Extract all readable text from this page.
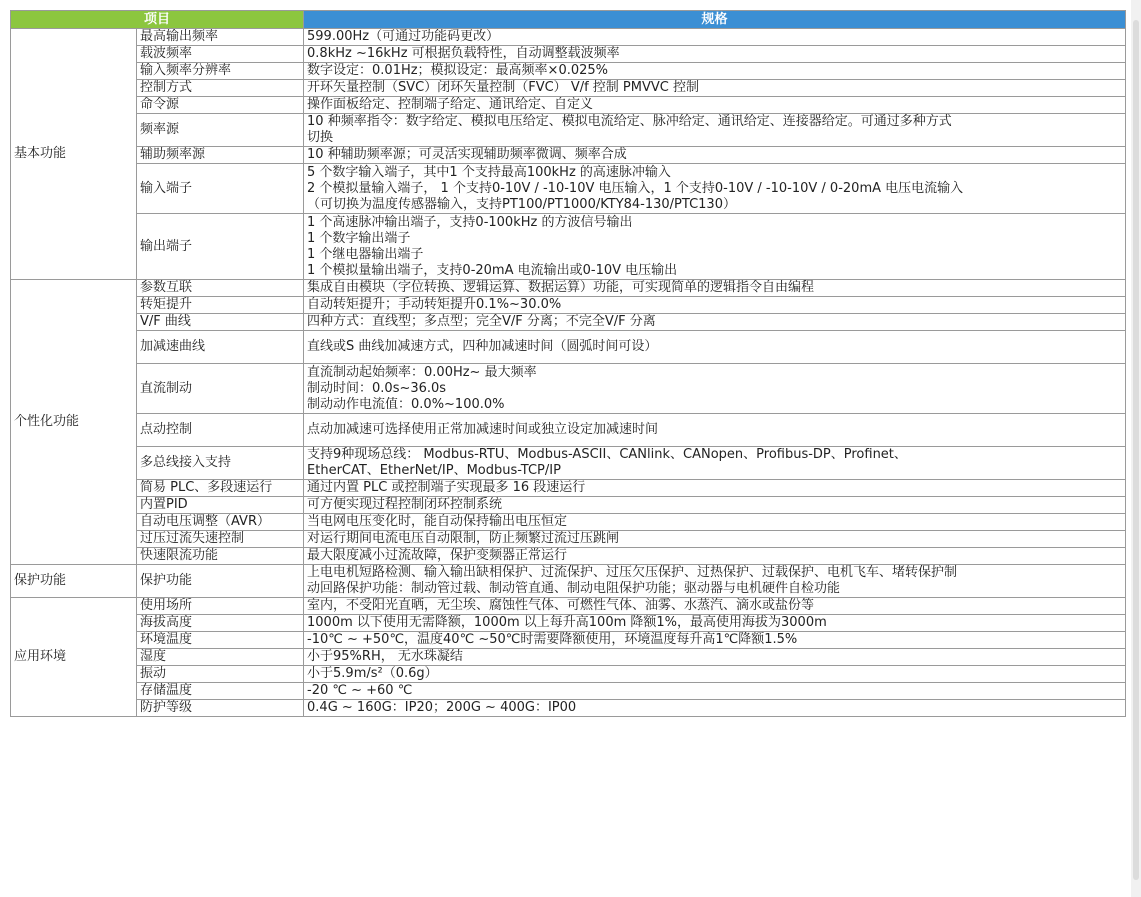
项目		规格
基本功能	最高输出频率	599.00Hz（可通过功能码更改）
	载波频率	0.8kHz ~16kHz 可根据负载特性，自动调整载波频率
	输入频率分辨率	数字设定：0.01Hz；模拟设定：最高频率×0.025%
	控制方式	开环矢量控制（SVC）闭环矢量控制（FVC） V/f 控制 PMVVC 控制
	命令源	操作面板给定、控制端子给定、通讯给定、自定义
	频率源	10 种频率指令：数字给定、模拟电压给定、模拟电流给定、脉冲给定、通讯给定、连接器给定。可通过多种方式
切换
	辅助频率源	10 种辅助频率源；可灵活实现辅助频率微调、频率合成
	输入端子	5 个数字输入端子，其中1 个支持最高100kHz 的高速脉冲输入
2 个模拟量输入端子， 1 个支持0-10V / -10-10V 电压输入，1 个支持0-10V / -10-10V / 0-20mA 电压电流输入
（可切换为温度传感器输入，支持PT100/PT1000/KTY84-130/PTC130）
	输出端子	1 个高速脉冲输出端子，支持0-100kHz 的方波信号输出
1 个数字输出端子
1 个继电器输出端子
1 个模拟量输出端子，支持0-20mA 电流输出或0-10V 电压输出
个性化功能	参数互联	集成自由模块（字位转换、逻辑运算、数据运算）功能，可实现简单的逻辑指令自由编程
	转矩提升	自动转矩提升；手动转矩提升0.1%~30.0%
	V/F 曲线	四种方式：直线型；多点型；完全V/F 分离；不完全V/F 分离
	加减速曲线	直线或S 曲线加减速方式，四种加减速时间（圆弧时间可设）
	直流制动	直流制动起始频率：0.00Hz~ 最大频率
制动时间：0.0s~36.0s
制动动作电流值：0.0%~100.0%
	点动控制	点动加减速可选择使用正常加减速时间或独立设定加减速时间
	多总线接入支持	支持9种现场总线： Modbus-RTU、Modbus-ASCII、CANlink、CANopen、Profibus-DP、Profinet、
EtherCAT、EtherNet/IP、Modbus-TCP/IP
	简易 PLC、多段速运行	通过内置 PLC 或控制端子实现最多 16 段速运行
	内置PID	可方便实现过程控制闭环控制系统
	自动电压调整（AVR）	当电网电压变化时，能自动保持输出电压恒定
	过压过流失速控制	对运行期间电流电压自动限制，防止频繁过流过压跳闸
	快速限流功能	最大限度减小过流故障，保护变频器正常运行
保护功能	保护功能	上电电机短路检测、输入输出缺相保护、过流保护、过压欠压保护、过热保护、过载保护、电机飞车、堵转保护制
动回路保护功能：制动管过载、制动管直通、制动电阻保护功能；驱动器与电机硬件自检功能
应用环境	使用场所	室内，不受阳光直晒，无尘埃、腐蚀性气体、可燃性气体、油雾、水蒸汽、滴水或盐份等
	海拔高度	1000m 以下使用无需降额，1000m 以上每升高100m 降额1%，最高使用海拔为3000m
	环境温度	-10℃ ~ +50℃，温度40℃ ~50℃时需要降额使用，环境温度每升高1℃降额1.5%
	湿度	小于95%RH， 无水珠凝结
	振动	小于5.9m/s²（0.6g）
	存储温度	-20 ℃ ~ +60 ℃
	防护等级	0.4G ~ 160G：IP20；200G ~ 400G：IP00
